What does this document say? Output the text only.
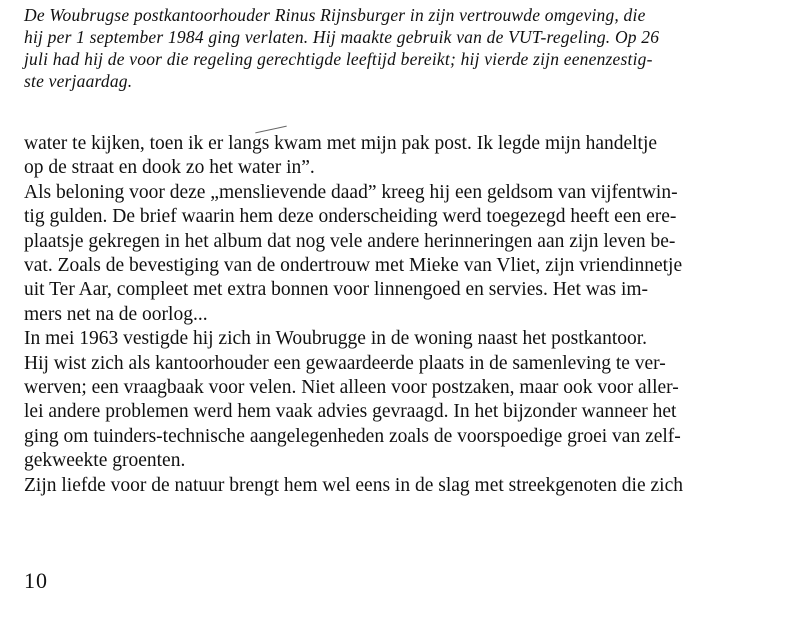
De Woubrugse postkantoorhouder Rinus Rijnsburger in zijn vertrouwde omgeving, die
hij per 1 september 1984 ging verlaten. Hij maakte gebruik van de VUT-regeling. Op 26
juli had hij de voor die regeling gerechtigde leeftijd bereikt; hij vierde zijn eenenzestig-
ste verjaardag.
water te kijken, toen ik er langs kwam met mijn pak post. Ik legde mijn handeltje
op de straat en dook zo het water in”.
Als beloning voor deze „menslievende daad” kreeg hij een geldsom van vijfentwin-
tig gulden. De brief waarin hem deze onderscheiding werd toegezegd heeft een ere-
plaatsje gekregen in het album dat nog vele andere herinneringen aan zijn leven be-
vat. Zoals de bevestiging van de ondertrouw met Mieke van Vliet, zijn vriendinnetje
uit Ter Aar, compleet met extra bonnen voor linnengoed en servies. Het was im-
mers net na de oorlog...
In mei 1963 vestigde hij zich in Woubrugge in de woning naast het postkantoor.
Hij wist zich als kantoorhouder een gewaardeerde plaats in de samenleving te ver-
werven; een vraagbaak voor velen. Niet alleen voor postzaken, maar ook voor aller-
lei andere problemen werd hem vaak advies gevraagd. In het bijzonder wanneer het
ging om tuinders-technische aangelegenheden zoals de voorspoedige groei van zelf-
gekweekte groenten.
Zijn liefde voor de natuur brengt hem wel eens in de slag met streekgenoten die zich
10
